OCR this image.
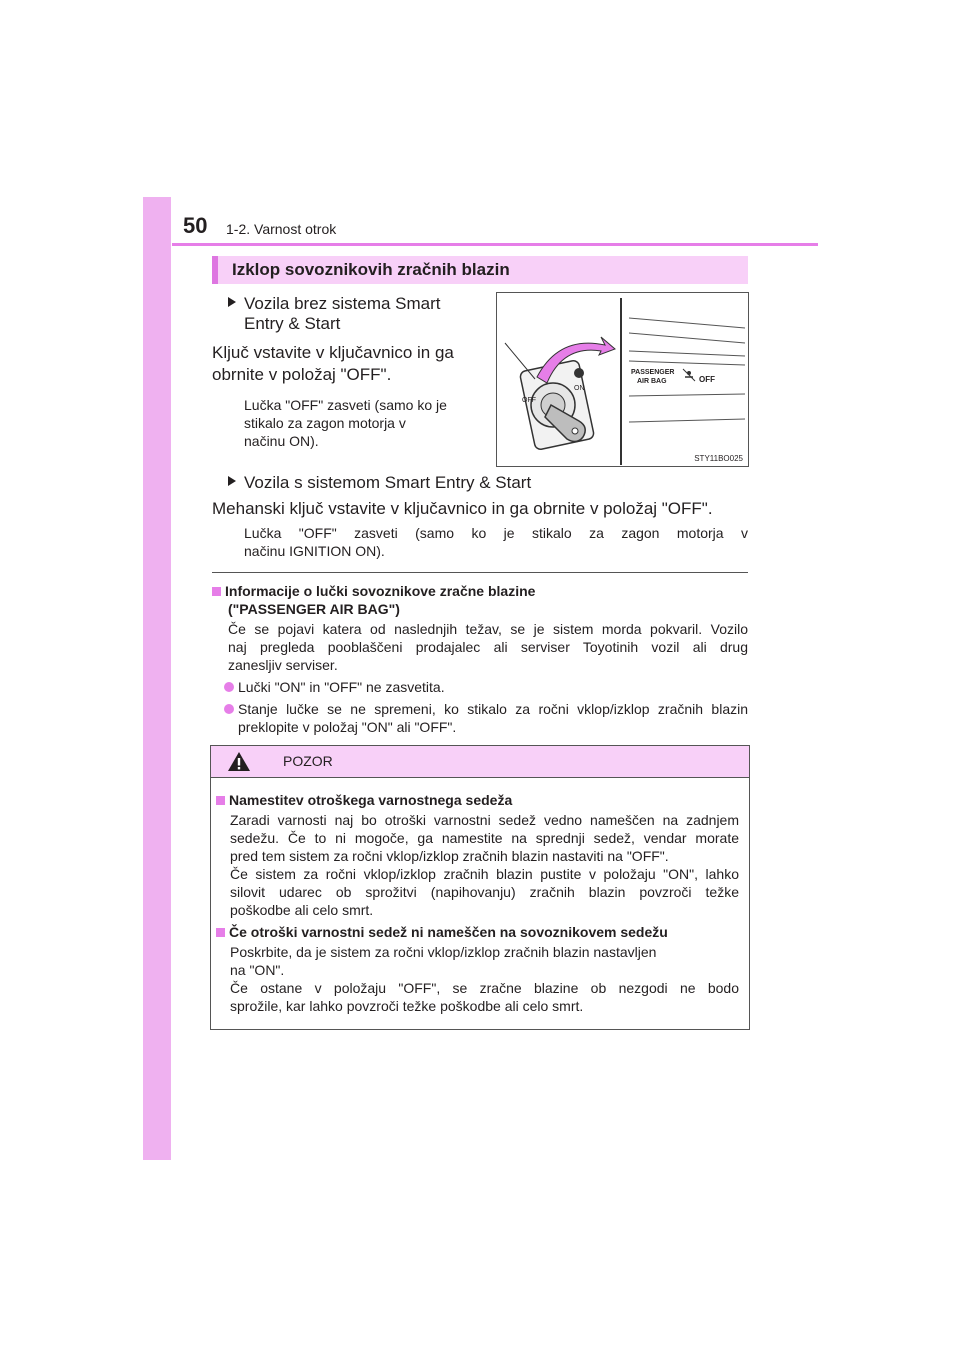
50 1-2. Varnost otrok
Izklop sovoznikovih zračnih blazin
Vozila brez sistema Smart
Entry & Start
Ključ vstavite v ključavnico in ga
obrnite v položaj "OFF".
Lučka "OFF" zasveti (samo ko je
stikalo za zagon motorja v
načinu ON).
OFF
ON
PASSENGER
AIR BAG	OFF
STY11BO025
Vozila s sistemom Smart Entry & Start
Mehanski ključ vstavite v ključavnico in ga obrnite v položaj "OFF".
Lučka "OFF" zasveti (samo ko je stikalo za zagon motorja v
načinu IGNITION ON).
Informacije o lučki sovoznikove zračne blazine
("PASSENGER AIR BAG")
Če se pojavi katera od naslednjih težav, se je sistem morda pokvaril. Vozilo
naj pregleda pooblaščeni prodajalec ali serviser Toyotinih vozil ali drug
zanesljiv serviser.
Lučki "ON" in "OFF" ne zasvetita.
Stanje lučke se ne spremeni, ko stikalo za ročni vklop/izklop zračnih blazin
preklopite v položaj "ON" ali "OFF".
POZOR
Namestitev otroškega varnostnega sedeža
Zaradi varnosti naj bo otroški varnostni sedež vedno nameščen na zadnjem
sedežu. Če to ni mogoče, ga namestite na sprednji sedež, vendar morate
pred tem sistem za ročni vklop/izklop zračnih blazin nastaviti na "OFF".
Če sistem za ročni vklop/izklop zračnih blazin pustite v položaju "ON", lahko
silovit udarec ob sprožitvi (napihovanju) zračnih blazin povzroči težke
poškodbe ali celo smrt.
Če otroški varnostni sedež ni nameščen na sovoznikovem sedežu
Poskrbite, da je sistem za ročni vklop/izklop zračnih blazin nastavljen
na "ON".
Če ostane v položaju "OFF", se zračne blazine ob nezgodi ne bodo
sprožile, kar lahko povzroči težke poškodbe ali celo smrt.
